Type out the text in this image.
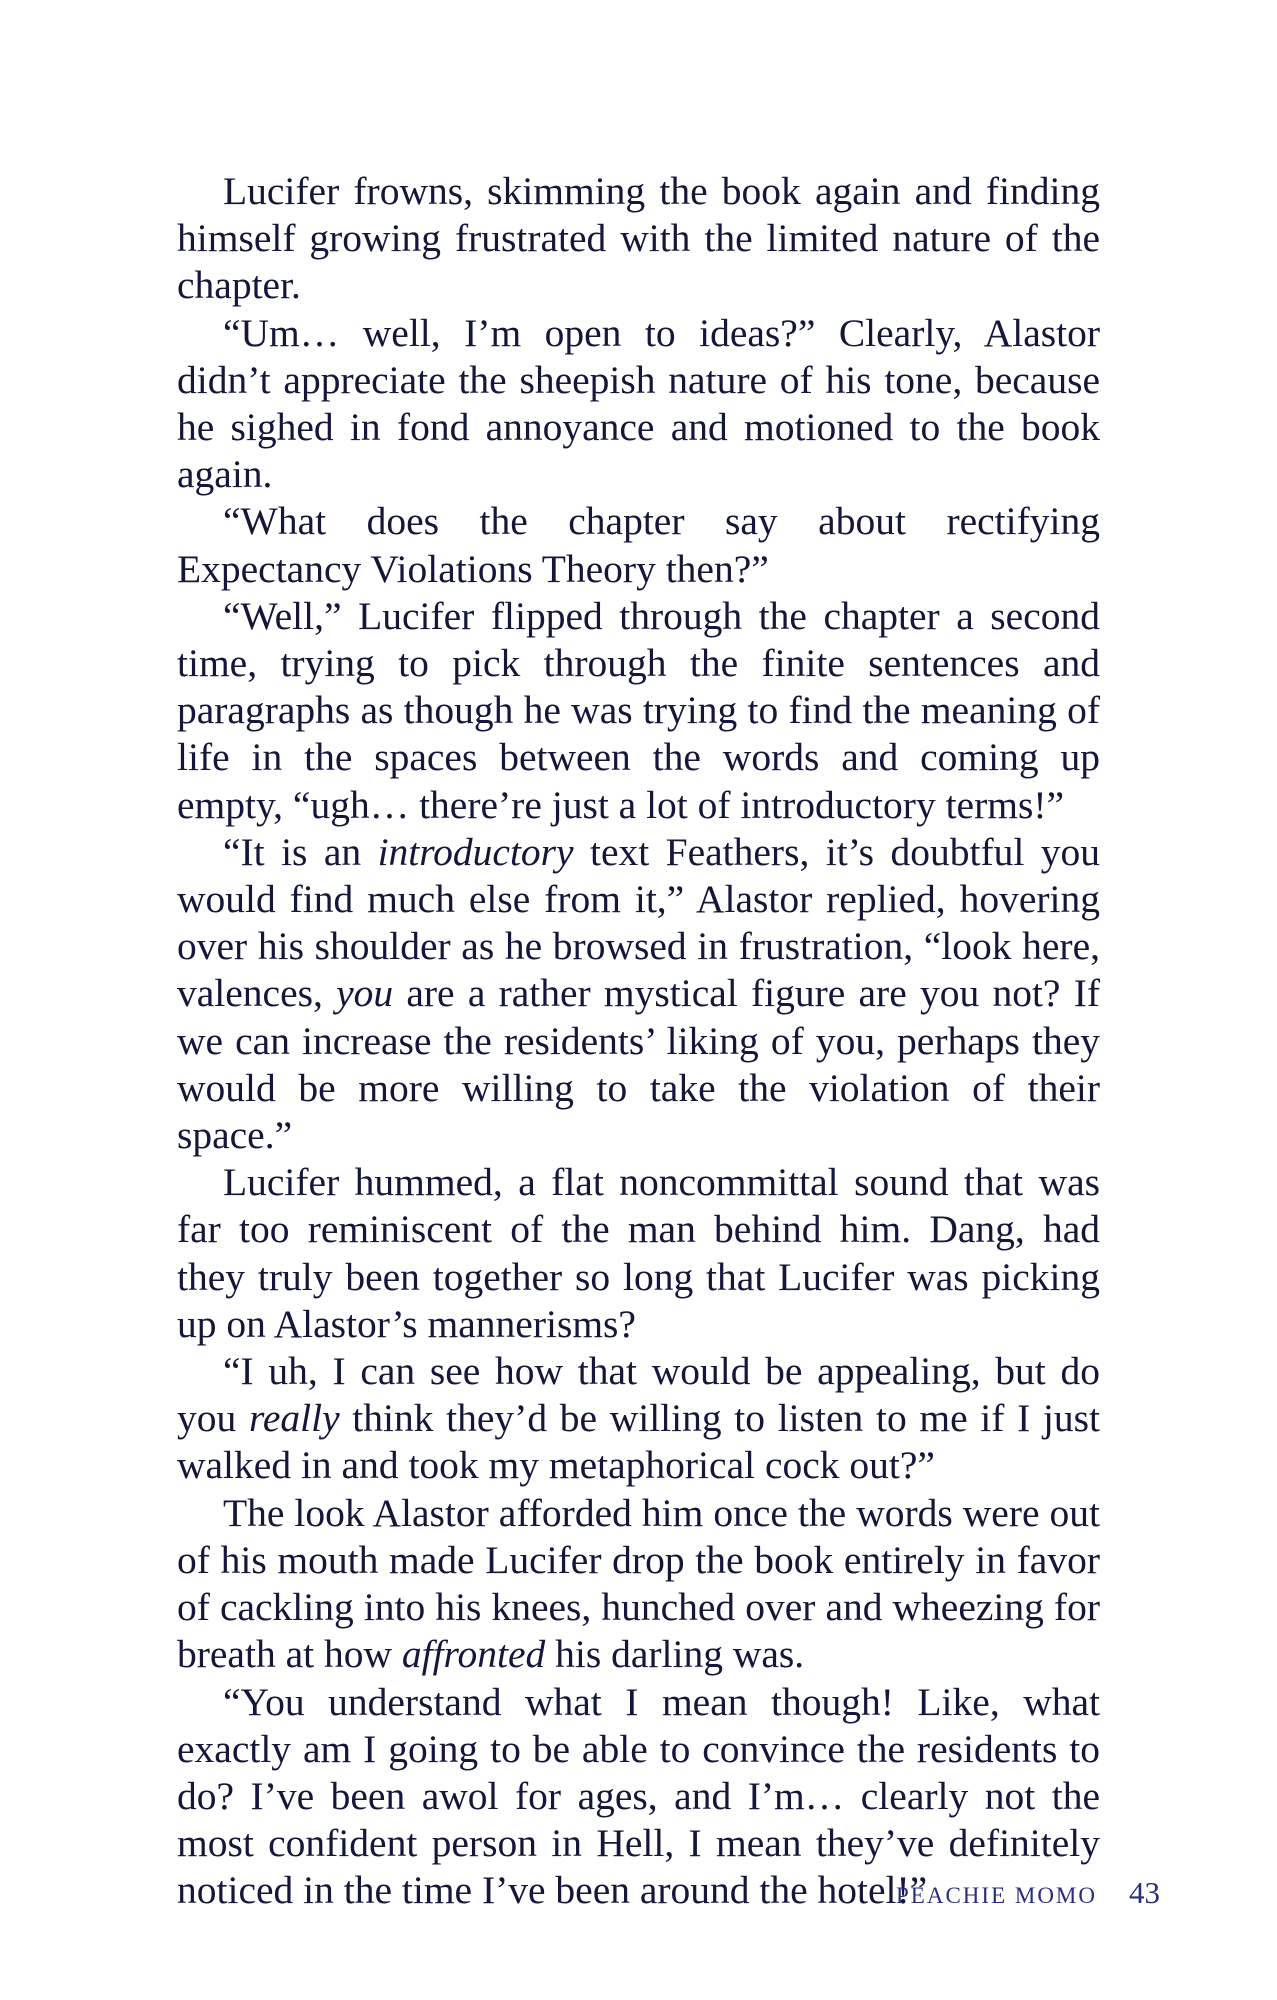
Lucifer frowns, skimming the book again and finding himself growing frustrated with the limited nature of the chapter.

“Um… well, I’m open to ideas?” Clearly, Alastor didn’t appreciate the sheepish nature of his tone, because he sighed in fond annoyance and motioned to the book again.

“What does the chapter say about rectifying Expectancy Violations Theory then?”

“Well,” Lucifer flipped through the chapter a second time, trying to pick through the finite sentences and paragraphs as though he was trying to find the meaning of life in the spaces between the words and coming up empty, “ugh… there’re just a lot of introductory terms!”

“It is an introductory text Feathers, it’s doubtful you would find much else from it,” Alastor replied, hovering over his shoulder as he browsed in frustration, “look here, valences, you are a rather mystical figure are you not? If we can increase the residents’ liking of you, perhaps they would be more willing to take the violation of their space.”

Lucifer hummed, a flat noncommittal sound that was far too reminiscent of the man behind him. Dang, had they truly been together so long that Lucifer was picking up on Alastor’s mannerisms?

“I uh, I can see how that would be appealing, but do you really think they’d be willing to listen to me if I just walked in and took my metaphorical cock out?”

The look Alastor afforded him once the words were out of his mouth made Lucifer drop the book entirely in favor of cackling into his knees, hunched over and wheezing for breath at how affronted his darling was.

“You understand what I mean though! Like, what exactly am I going to be able to convince the residents to do? I’ve been awol for ages, and I’m… clearly not the most confident person in Hell, I mean they’ve definitely noticed in the time I’ve been around the hotel!”

PEACHIE MOMO 43
